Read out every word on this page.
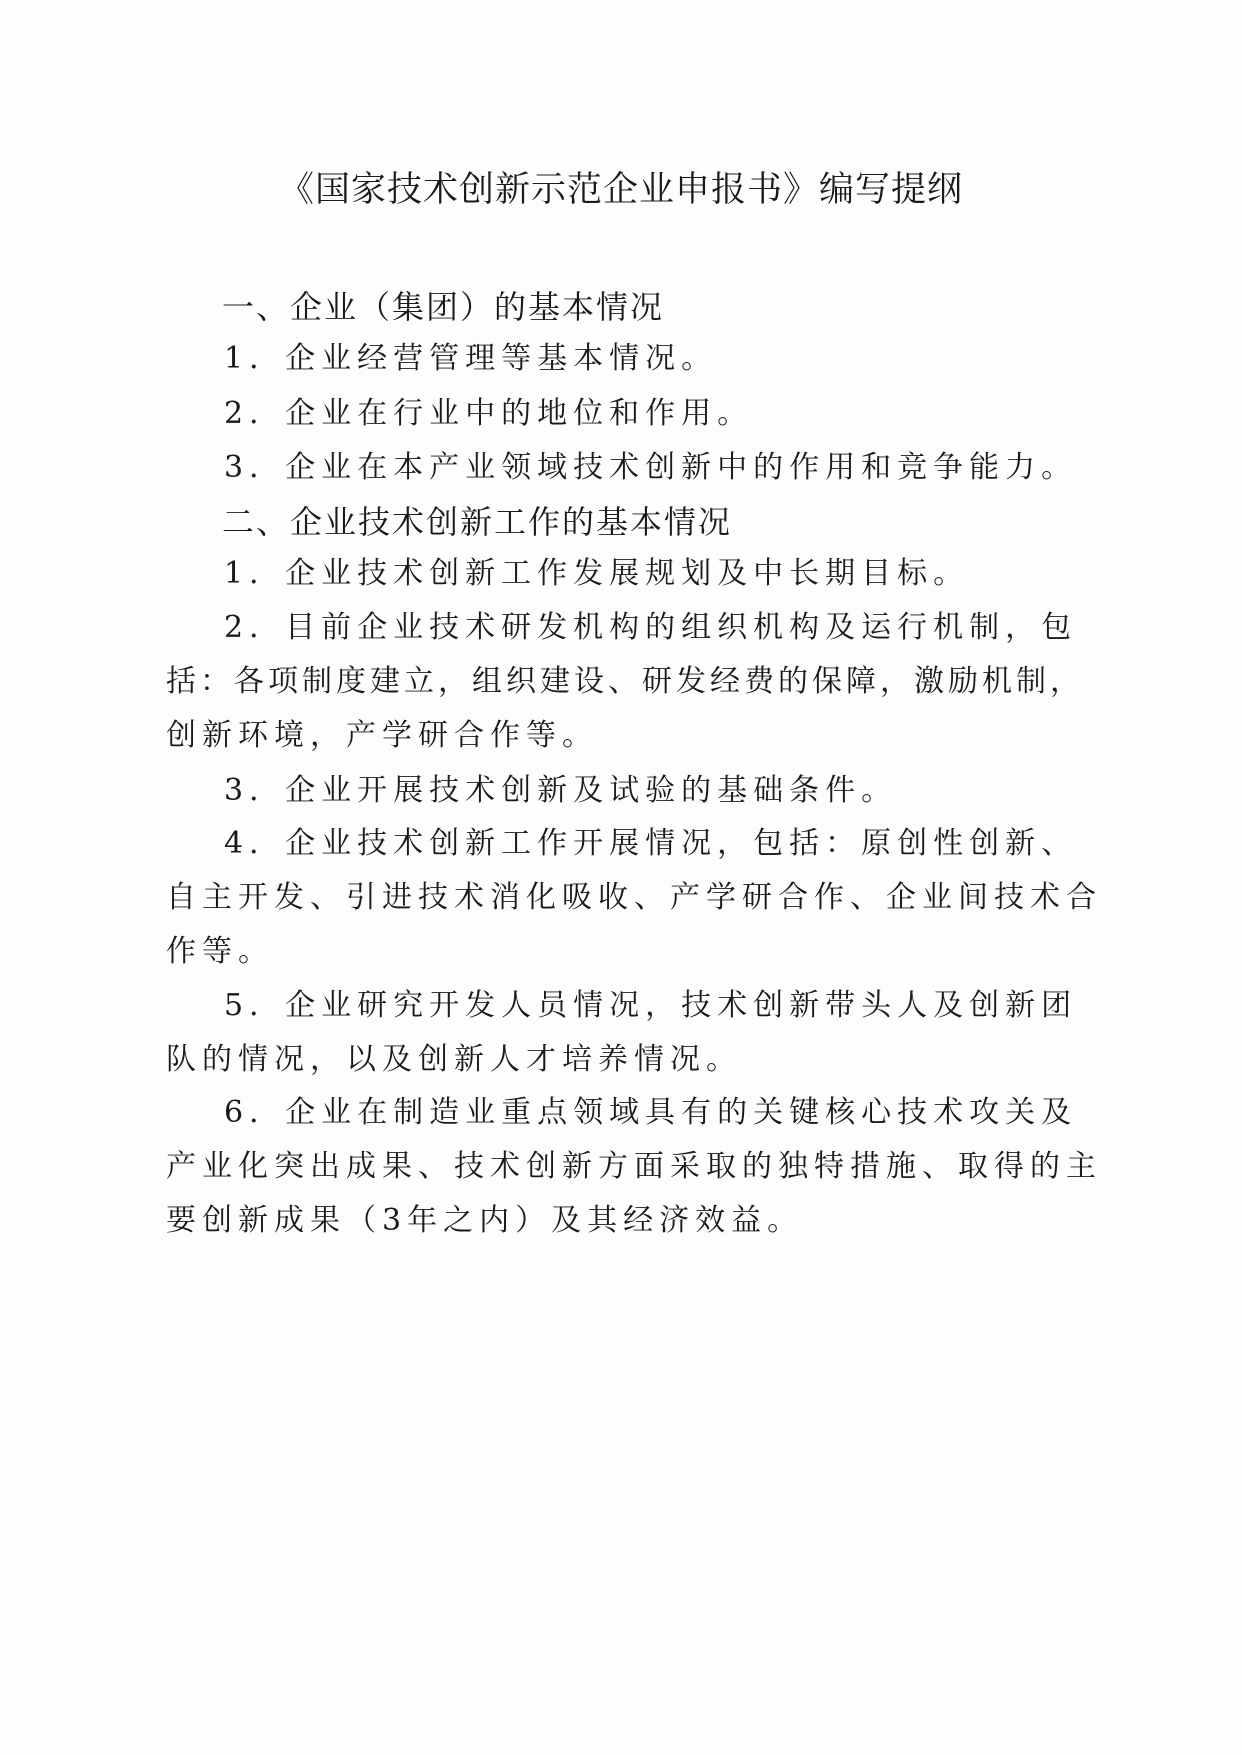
《国家技术创新示范企业申报书》编写提纲
一、企业（集团）的基本情况
1．企业经营管理等基本情况。
2．企业在行业中的地位和作用。
3．企业在本产业领域技术创新中的作用和竞争能力。
二、企业技术创新工作的基本情况
1．企业技术创新工作发展规划及中长期目标。
2．目前企业技术研发机构的组织机构及运行机制，包
括：各项制度建立，组织建设、研发经费的保障，激励机制，
创新环境，产学研合作等。
3．企业开展技术创新及试验的基础条件。
4．企业技术创新工作开展情况，包括：原创性创新、
自主开发、引进技术消化吸收、产学研合作、企业间技术合
作等。
5．企业研究开发人员情况，技术创新带头人及创新团
队的情况，以及创新人才培养情况。
6．企业在制造业重点领域具有的关键核心技术攻关及
产业化突出成果、技术创新方面采取的独特措施、取得的主
要创新成果（3年之内）及其经济效益。
